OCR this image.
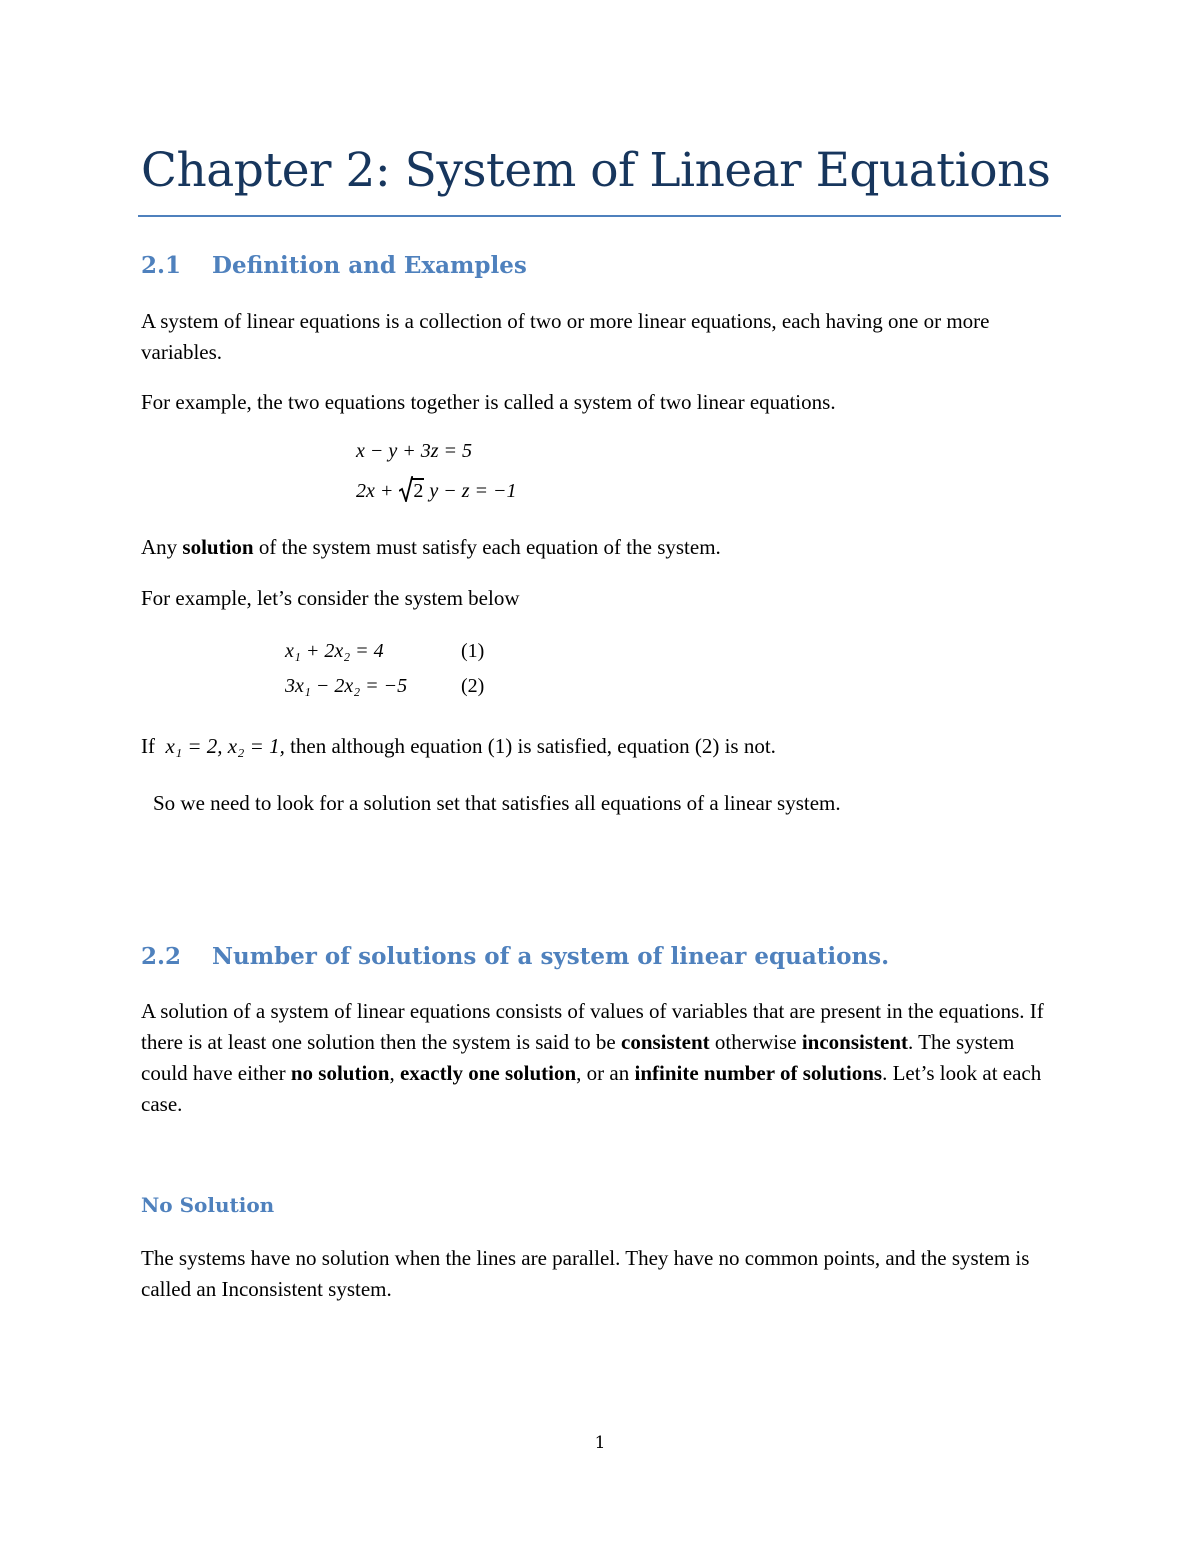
Chapter 2: System of Linear Equations
2.1 Definition and Examples
A system of linear equations is a collection of two or more linear equations, each having one or more variables.
For example, the two equations together is called a system of two linear equations.
x − y + 3z = 5
2x + 2 y − z = −1
Any solution of the system must satisfy each equation of the system.
For example, let’s consider the system below
x₁ + 2x₂ = 4	(1)
3x₁ − 2x₂ = −5	(2)
If x₁ = 2, x₂ = 1, then although equation (1) is satisfied, equation (2) is not.
So we need to look for a solution set that satisfies all equations of a linear system.
2.2 Number of solutions of a system of linear equations.
A solution of a system of linear equations consists of values of variables that are present in the equations. If there is at least one solution then the system is said to be consistent otherwise inconsistent. The system could have either no solution, exactly one solution, or an infinite number of solutions. Let’s look at each case.
No Solution
The systems have no solution when the lines are parallel. They have no common points, and the system is called an Inconsistent system.
1
